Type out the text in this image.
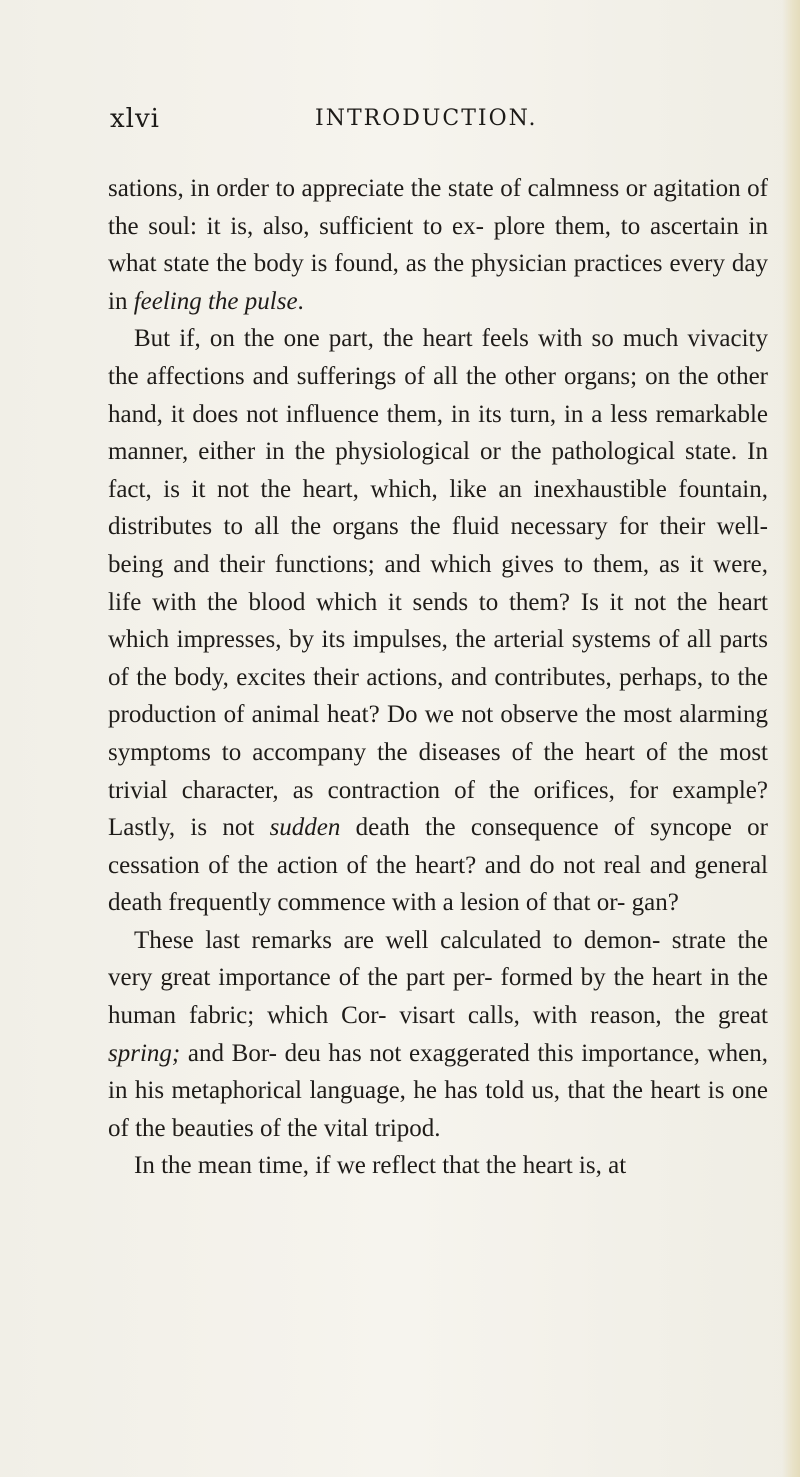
xlvi	INTRODUCTION.

sations, in order to appreciate the state of calmness or agitation of the soul: it is, also, sufficient to ex- plore them, to ascertain in what state the body is found, as the physician practices every day in feeling the pulse.

But if, on the one part, the heart feels with so much vivacity the affections and sufferings of all the other organs; on the other hand, it does not influence them, in its turn, in a less remarkable manner, either in the physiological or the pathological state. In fact, is it not the heart, which, like an inexhaustible fountain, distributes to all the organs the fluid necessary for their well-being and their functions; and which gives to them, as it were, life with the blood which it sends to them? Is it not the heart which impresses, by its impulses, the arterial systems of all parts of the body, excites their actions, and contributes, perhaps, to the production of animal heat? Do we not observe the most alarming symptoms to accompany the diseases of the heart of the most trivial character, as contraction of the orifices, for example? Lastly, is not sudden death the consequence of syncope or cessation of the action of the heart? and do not real and general death frequently commence with a lesion of that or- gan?

These last remarks are well calculated to demon- strate the very great importance of the part per- formed by the heart in the human fabric; which Cor- visart calls, with reason, the great spring; and Bor- deu has not exaggerated this importance, when, in his metaphorical language, he has told us, that the heart is one of the beauties of the vital tripod.

In the mean time, if we reflect that the heart is, at
